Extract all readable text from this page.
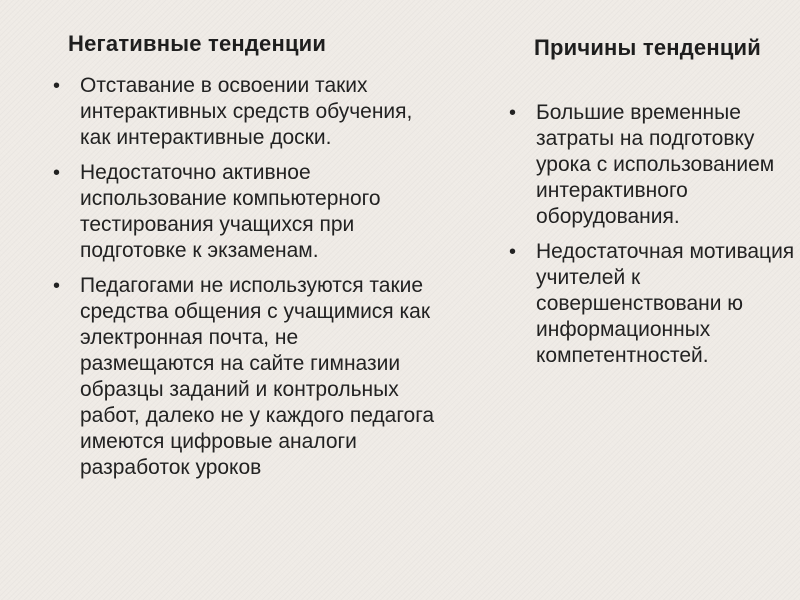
Негативные тенденции
• Отставание в освоении таких интерактивных средств обучения, как интерактивные доски.
• Недостаточно активное использование компьютерного тестирования учащихся при подготовке к экзаменам.
• Педагогами не используются такие средства общения с учащимися как электронная почта, не размещаются на сайте гимназии образцы заданий и контрольных работ, далеко не у каждого педагога имеются цифровые аналоги разработок уроков
Причины тенденций
• Большие временные затраты на подготовку урока с использованием интерактивного оборудования.
• Недостаточная мотивация учителей к совершенствовани ю информационных компетентностей.
